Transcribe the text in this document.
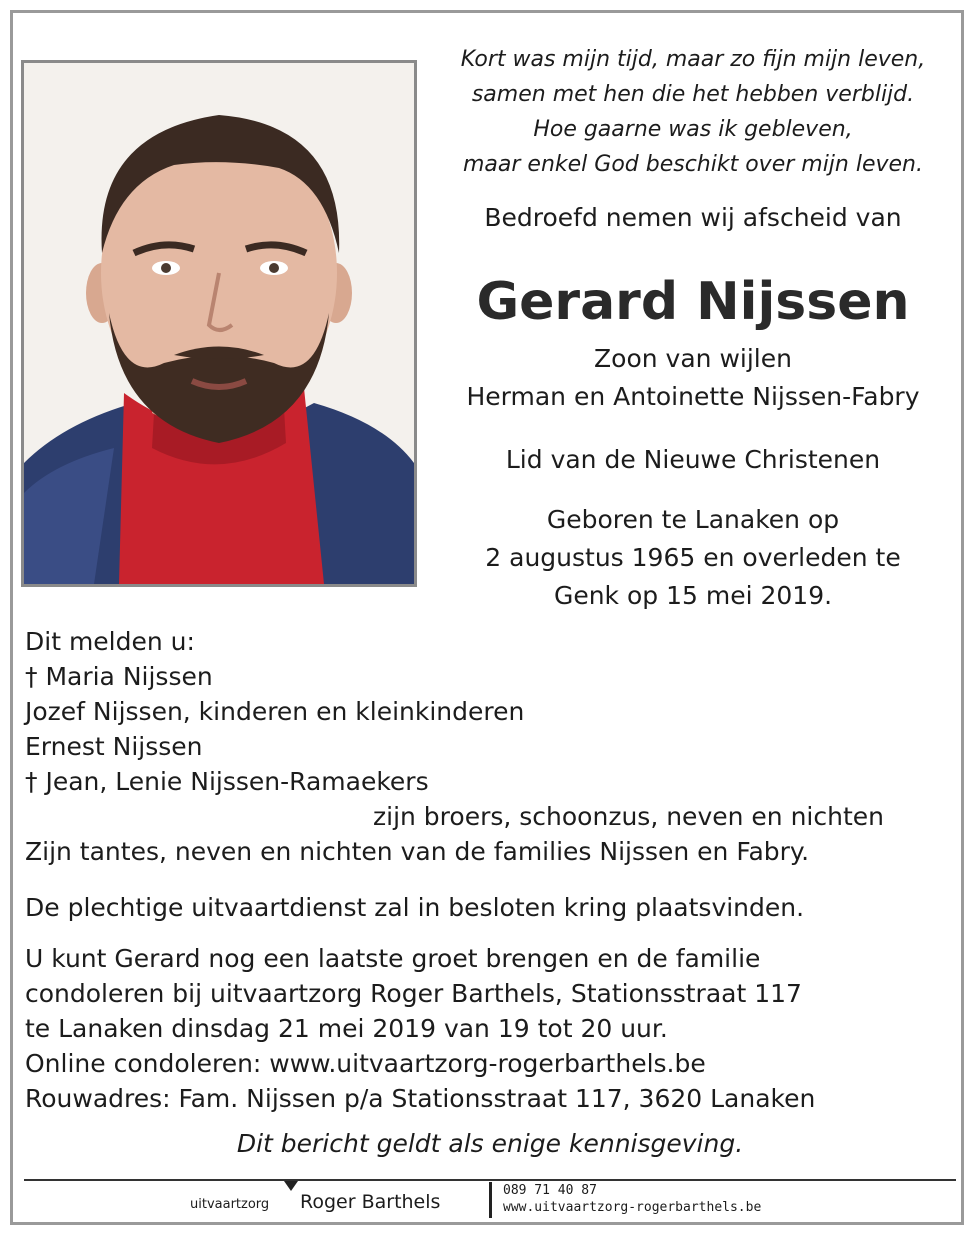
Kort was mijn tijd, maar zo fijn mijn leven,
samen met hen die het hebben verblijd.
Hoe gaarne was ik gebleven,
maar enkel God beschikt over mijn leven.
Bedroefd nemen wij afscheid van
Gerard Nijssen
Zoon van wijlen
Herman en Antoinette Nijssen-Fabry
Lid van de Nieuwe Christenen
Geboren te Lanaken op
2 augustus 1965 en overleden te
Genk op 15 mei 2019.
Dit melden u:
† Maria Nijssen
Jozef Nijssen, kinderen en kleinkinderen
Ernest Nijssen
† Jean, Lenie Nijssen-Ramaekers
zijn broers, schoonzus, neven en nichten
Zijn tantes, neven en nichten van de families Nijssen en Fabry.
De plechtige uitvaartdienst zal in besloten kring plaatsvinden.
U kunt Gerard nog een laatste groet brengen en de familie
condoleren bij uitvaartzorg Roger Barthels, Stationsstraat 117
te Lanaken dinsdag 21 mei 2019 van 19 tot 20 uur.
Online condoleren: www.uitvaartzorg-rogerbarthels.be
Rouwadres: Fam. Nijssen p/a Stationsstraat 117, 3620 Lanaken
Dit bericht geldt als enige kennisgeving.
uitvaartzorg Roger Barthels
089 71 40 87
www.uitvaartzorg-rogerbarthels.be
